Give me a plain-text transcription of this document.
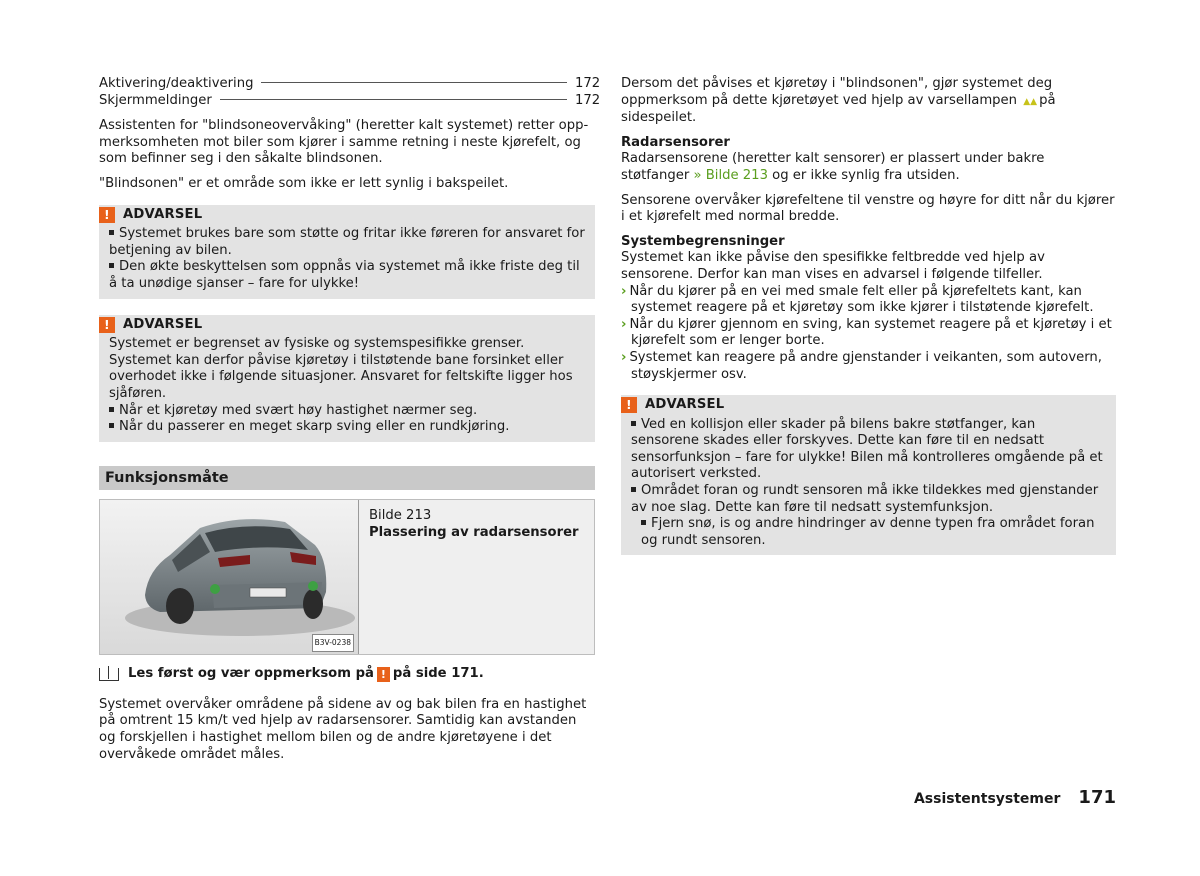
Aktivering/deaktivering	172
Skjermmeldinger	172

Assistenten for "blindsoneovervåking" (heretter kalt systemet) retter oppmerksomheten mot biler som kjører i samme retning i neste kjørefelt, og som befinner seg i den såkalte blindsonen.

"Blindsonen" er et område som ikke er lett synlig i bakspeilet.

! ADVARSEL

Systemet brukes bare som støtte og fritar ikke føreren for ansvaret for betjening av bilen.

Den økte beskyttelsen som oppnås via systemet må ikke friste deg til å ta unødige sjanser – fare for ulykke!

! ADVARSEL

Systemet er begrenset av fysiske og systemspesifikke grenser. Systemet kan derfor påvise kjøretøy i tilstøtende bane forsinket eller overhodet ikke i følgende situasjoner. Ansvaret for feltskifte ligger hos sjåføren.

Når et kjøretøy med svært høy hastighet nærmer seg.

Når du passerer en meget skarp sving eller en rundkjøring.

Funksjonsmåte
B3V-0238
Bilde 213
Plassering av radarsensorer
Les først og vær oppmerksom på ! på side 171.

Systemet overvåker områdene på sidene av og bak bilen fra en hastighet på omtrent 15 km/t ved hjelp av radarsensorer. Samtidig kan avstanden og forskjellen i hastighet mellom bilen og de andre kjøretøyene i det overvåkede området måles.

Dersom det påvises et kjøretøy i "blindsonen", gjør systemet deg oppmerksom på dette kjøretøyet ved hjelp av varsellampen ▲▲ på sidespeilet.

Radarsensorer

Radarsensorene (heretter kalt sensorer) er plassert under bakre støtfanger » Bilde 213 og er ikke synlig fra utsiden.

Sensorene overvåker kjørefeltene til venstre og høyre for ditt når du kjører i et kjørefelt med normal bredde.

Systembegrensninger

Systemet kan ikke påvise den spesifikke feltbredde ved hjelp av sensorene. Derfor kan man vises en advarsel i følgende tilfeller.

› Når du kjører på en vei med smale felt eller på kjørefeltets kant, kan systemet reagere på et kjøretøy som ikke kjører i tilstøtende kjørefelt.

› Når du kjører gjennom en sving, kan systemet reagere på et kjøretøy i et kjørefelt som er lenger borte.

› Systemet kan reagere på andre gjenstander i veikanten, som autovern, støyskjermer osv.

! ADVARSEL

Ved en kollisjon eller skader på bilens bakre støtfanger, kan sensorene skades eller forskyves. Dette kan føre til en nedsatt sensorfunksjon – fare for ulykke! Bilen må kontrolleres omgående på et autorisert verksted.

Området foran og rundt sensoren må ikke tildekkes med gjenstander av noe slag. Dette kan føre til nedsatt systemfunksjon.

Fjern snø, is og andre hindringer av denne typen fra området foran og rundt sensoren.

Assistentsystemer 171
